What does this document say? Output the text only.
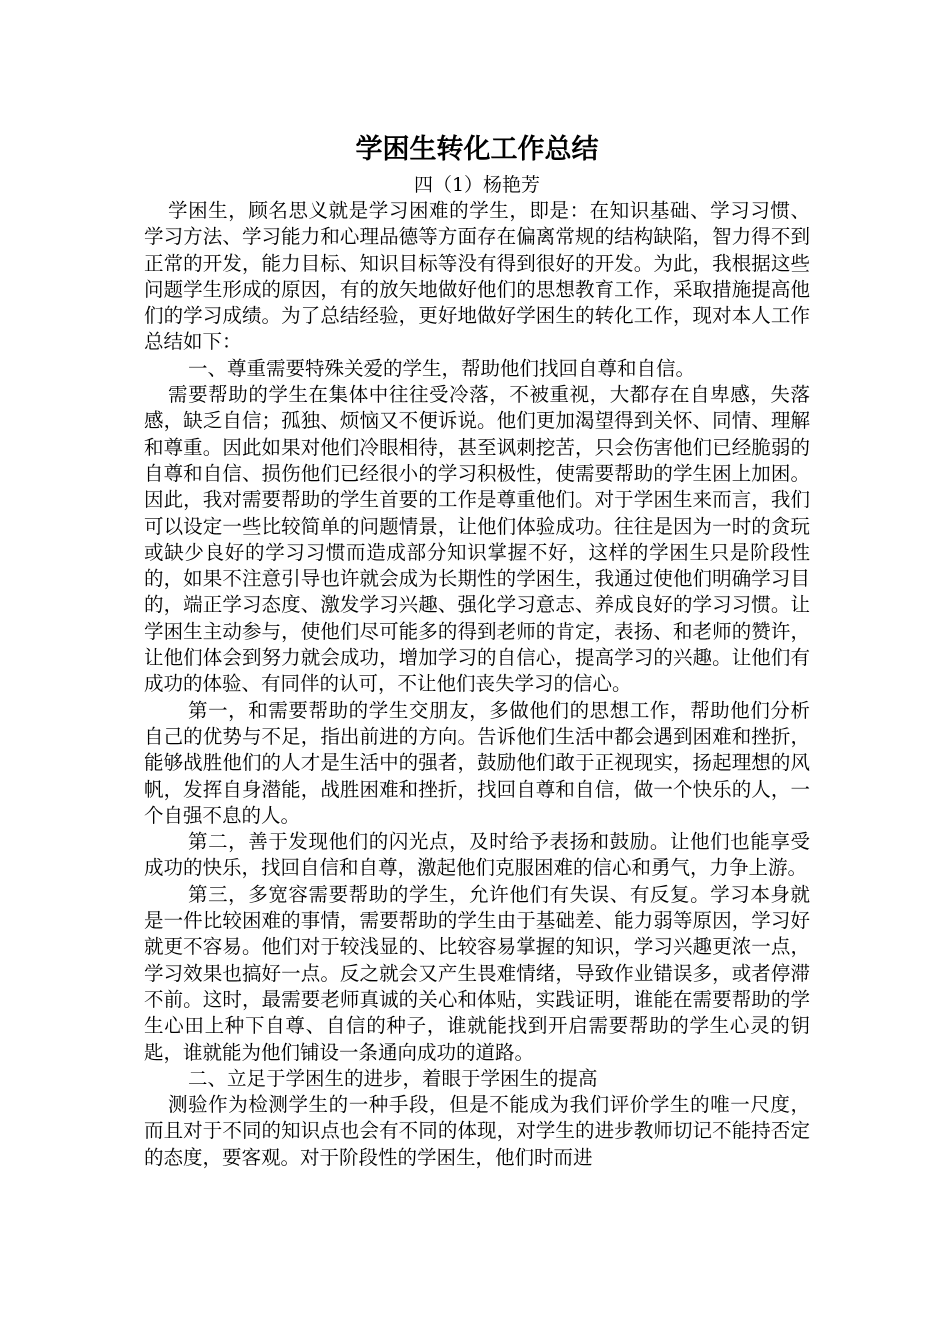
学困生转化工作总结

四（1）杨艳芳

学困生，顾名思义就是学习困难的学生，即是：在知识基础、学习习惯、学习方法、学习能力和心理品德等方面存在偏离常规的结构缺陷，智力得不到正常的开发，能力目标、知识目标等没有得到很好的开发。为此，我根据这些问题学生形成的原因，有的放矢地做好他们的思想教育工作，采取措施提高他们的学习成绩。为了总结经验，更好地做好学困生的转化工作，现对本人工作总结如下：

一、尊重需要特殊关爱的学生，帮助他们找回自尊和自信。

需要帮助的学生在集体中往往受冷落，不被重视，大都存在自卑感，失落感，缺乏自信；孤独、烦恼又不便诉说。他们更加渴望得到关怀、同情、理解和尊重。因此如果对他们冷眼相待，甚至讽刺挖苦，只会伤害他们已经脆弱的自尊和自信、损伤他们已经很小的学习积极性，使需要帮助的学生困上加困。因此，我对需要帮助的学生首要的工作是尊重他们。对于学困生来而言，我们可以设定一些比较简单的问题情景，让他们体验成功。往往是因为一时的贪玩或缺少良好的学习习惯而造成部分知识掌握不好，这样的学困生只是阶段性的，如果不注意引导也许就会成为长期性的学困生，我通过使他们明确学习目的，端正学习态度、激发学习兴趣、强化学习意志、养成良好的学习习惯。让学困生主动参与，使他们尽可能多的得到老师的肯定，表扬、和老师的赞许，让他们体会到努力就会成功，增加学习的自信心，提高学习的兴趣。让他们有成功的体验、有同伴的认可，不让他们丧失学习的信心。

第一，和需要帮助的学生交朋友，多做他们的思想工作，帮助他们分析自己的优势与不足，指出前进的方向。告诉他们生活中都会遇到困难和挫折，能够战胜他们的人才是生活中的强者，鼓励他们敢于正视现实，扬起理想的风帆，发挥自身潜能，战胜困难和挫折，找回自尊和自信，做一个快乐的人，一个自强不息的人。

第二，善于发现他们的闪光点，及时给予表扬和鼓励。让他们也能享受成功的快乐，找回自信和自尊，激起他们克服困难的信心和勇气，力争上游。

第三，多宽容需要帮助的学生，允许他们有失误、有反复。学习本身就是一件比较困难的事情，需要帮助的学生由于基础差、能力弱等原因，学习好就更不容易。他们对于较浅显的、比较容易掌握的知识，学习兴趣更浓一点，学习效果也搞好一点。反之就会又产生畏难情绪，导致作业错误多，或者停滞不前。这时，最需要老师真诚的关心和体贴，实践证明，谁能在需要帮助的学生心田上种下自尊、自信的种子，谁就能找到开启需要帮助的学生心灵的钥匙，谁就能为他们铺设一条通向成功的道路。

二、立足于学困生的进步，着眼于学困生的提高

测验作为检测学生的一种手段，但是不能成为我们评价学生的唯一尺度，而且对于不同的知识点也会有不同的体现，对学生的进步教师切记不能持否定的态度，要客观。对于阶段性的学困生，他们时而进
